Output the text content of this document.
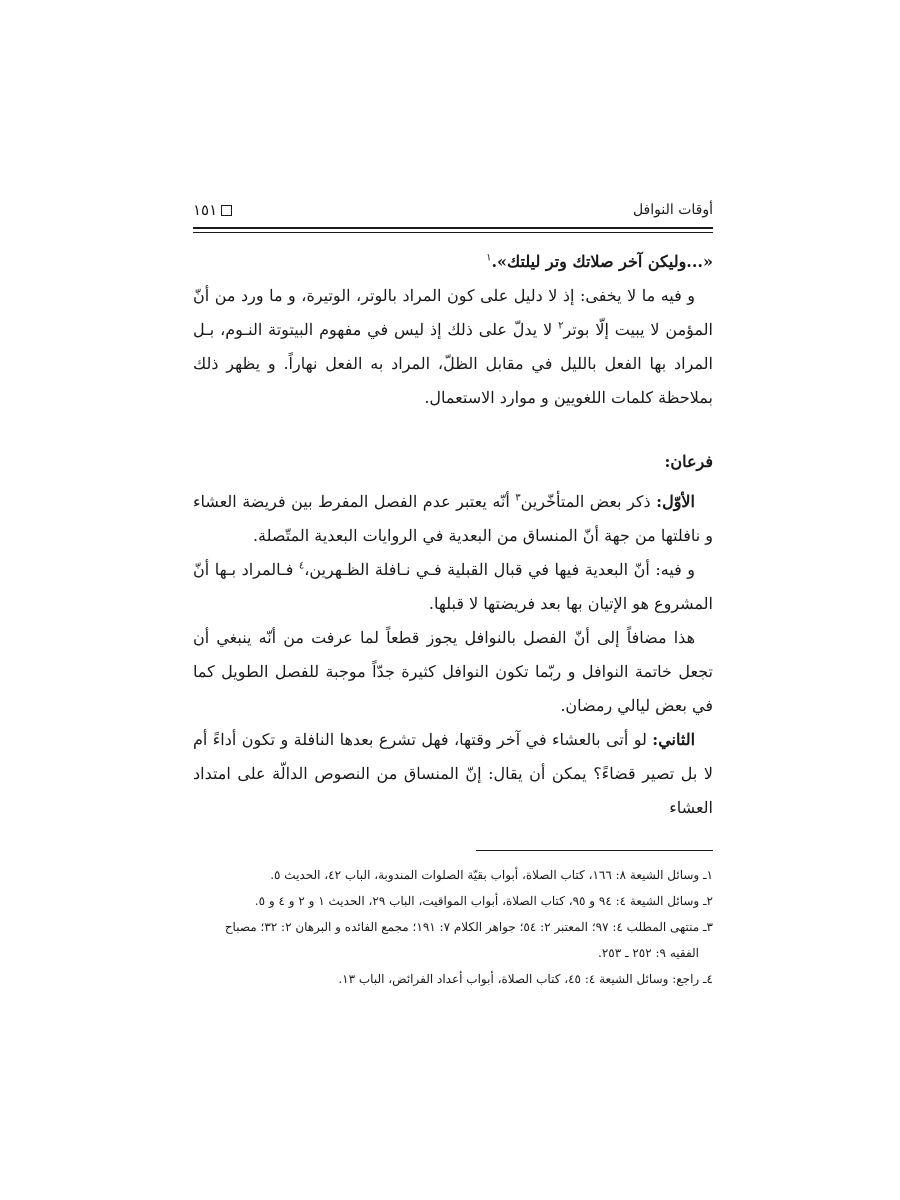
أوقات النوافل
١٥١

«...وليكن آخر صلاتك وتر ليلتك».$^١$

و فيه ما لا يخفى: إذ لا دليل على كون المراد بالوتر، الوتيرة، و ما ورد من أنّ المؤمن لا يبيت إلّا بوتر$^٢$ لا يدلّ على ذلك إذ ليس في مفهوم البيتوتة النـوم، بـل المراد بها الفعل بالليل في مقابل الظلّ، المراد به الفعل نهاراً. و يظهر ذلك بملاحظة كلمات اللغويين و موارد الاستعمال.

فرعان:

الأوّل: ذكر بعض المتأخّرين$^٣$ أنّه يعتبر عدم الفصل المفرط بين فريضة العشاء و نافلتها من جهة أنّ المنساق من البعدية في الروايات البعدية المتّصلة.

و فيه: أنّ البعدية فيها في قبال القبلية فـي نـافلة الظـهرين،$^٤$ فـالمراد بـها أنّ المشروع هو الإتيان بها بعد فريضتها لا قبلها.

هذا مضافاً إلى أنّ الفصل بالنوافل يجوز قطعاً لما عرفت من أنّه ينبغي أن تجعل خاتمة النوافل و ربّما تكون النوافل كثيرة جدّاً موجبة للفصل الطويل كما في بعض ليالي رمضان.

الثاني: لو أتى بالعشاء في آخر وقتها، فهل تشرع بعدها النافلة و تكون أداءً أم لا بل تصير قضاءً؟ يمكن أن يقال: إنّ المنساق من النصوص الدالّة على امتداد العشاء

١ـ وسائل الشيعة ٨: ١٦٦، كتاب الصلاة، أبواب بقيّة الصلوات المندوبة، الباب ٤٢، الحديث ٥.

٢ـ وسائل الشيعة ٤: ٩٤ و ٩٥، كتاب الصلاة، أبواب المواقيت، الباب ٢٩، الحديث ١ و ٢ و ٤ و ٥.

٣ـ منتهى المطلب ٤: ٩٧؛ المعتبر ٢: ٥٤؛ جواهر الكلام ٧: ١٩١؛ مجمع الفائده و البرهان ٢: ٣٢؛ مصباح الفقيه ٩: ٢٥٢ ـ ٢٥٣.

٤ـ راجع: وسائل الشيعة ٤: ٤٥، كتاب الصلاة، أبواب أعداد الفرائض، الباب ١٣.
